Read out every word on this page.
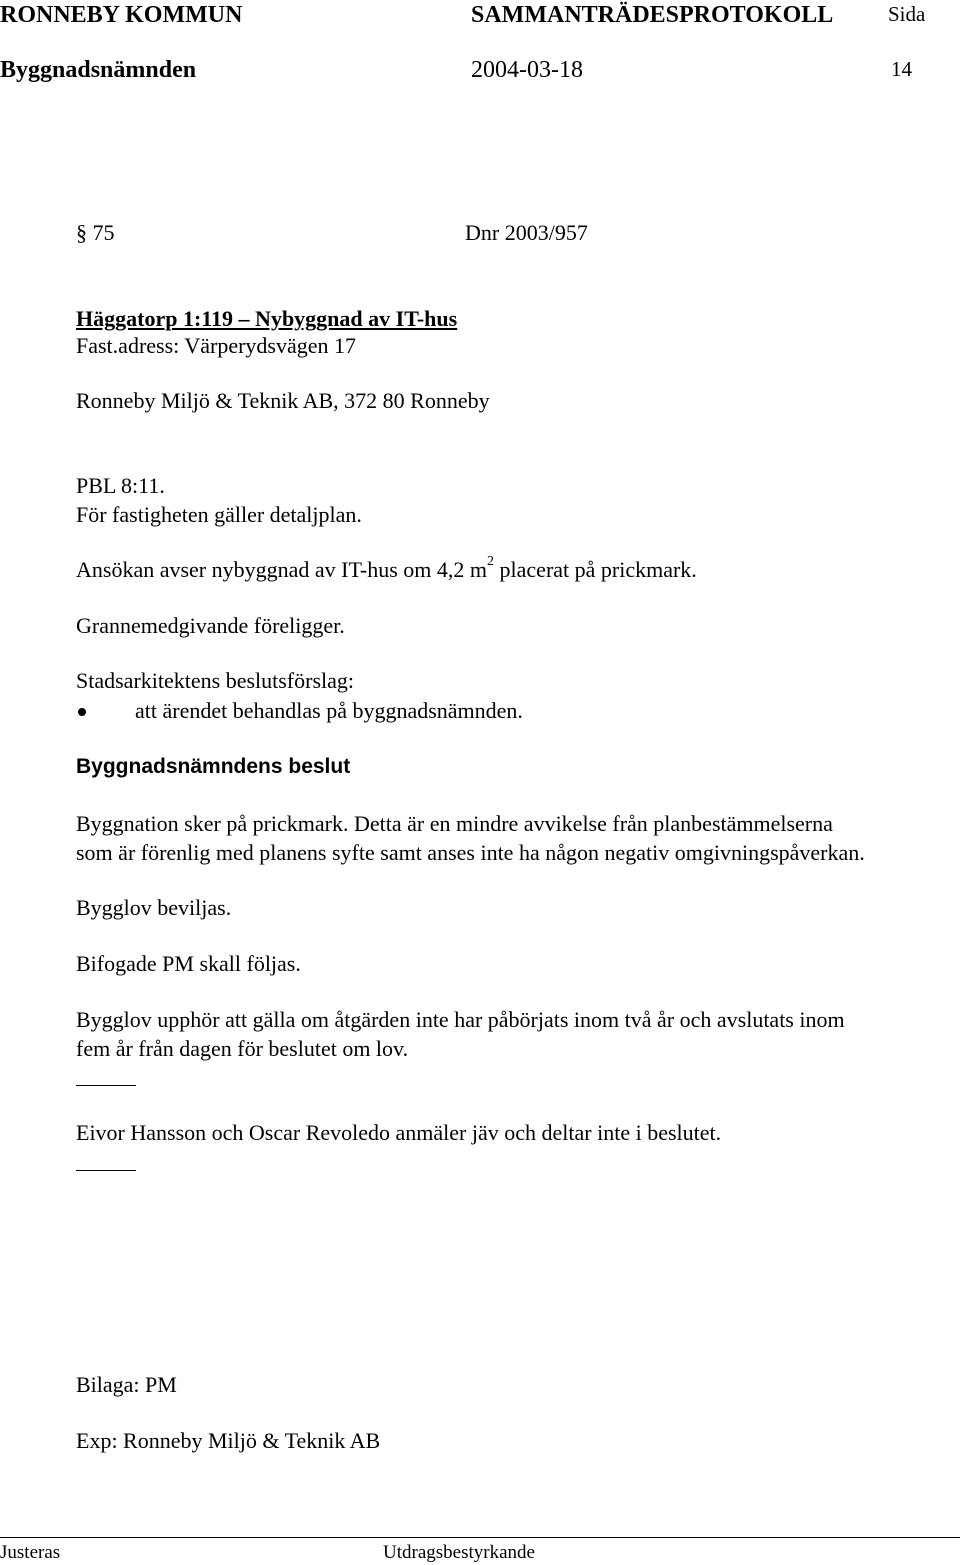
RONNEBY KOMMUN	SAMMANTRÄDESPROTOKOLL	Sida
Byggnadsnämnden	2004-03-18	14
§ 75	Dnr 2003/957
Häggatorp 1:119 – Nybyggnad av IT-hus
Fast.adress: Värperydsvägen 17
Ronneby Miljö & Teknik AB, 372 80 Ronneby
PBL 8:11.
För fastigheten gäller detaljplan.
Ansökan avser nybyggnad av IT-hus om 4,2 $m^2$ placerat på prickmark.
Grannemedgivande föreligger.
Stadsarkitektens beslutsförslag:
att ärendet behandlas på byggnadsnämnden.
Byggnadsnämndens beslut
Byggnation sker på prickmark. Detta är en mindre avvikelse från planbestämmelserna
som är förenlig med planens syfte samt anses inte ha någon negativ omgivningspåverkan.
Bygglov beviljas.
Bifogade PM skall följas.
Bygglov upphör att gälla om åtgärden inte har påbörjats inom två år och avslutats inom
fem år från dagen för beslutet om lov.
Eivor Hansson och Oscar Revoledo anmäler jäv och deltar inte i beslutet.
Bilaga: PM
Exp: Ronneby Miljö & Teknik AB
Justeras	Utdragsbestyrkande
